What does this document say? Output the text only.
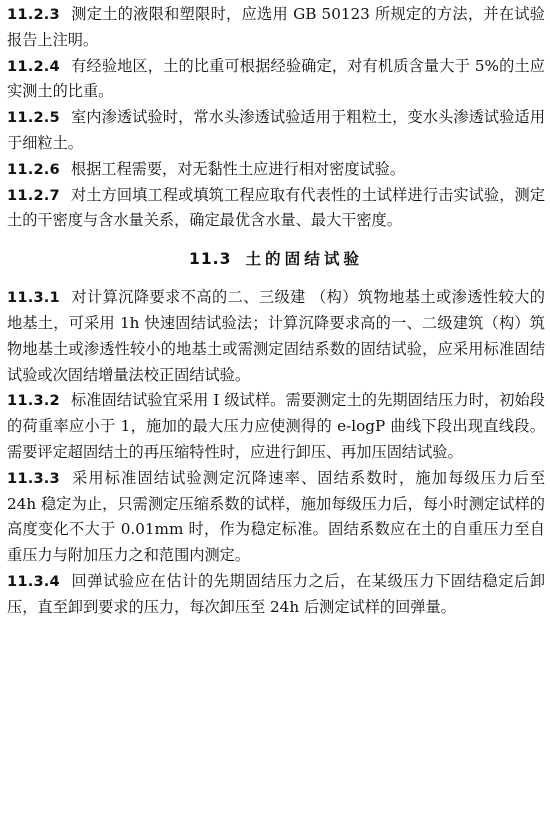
11.2.3 测定土的液限和塑限时，应选用 GB 50123 所规定的方法，并在试验报告上注明。

11.2.4 有经验地区，土的比重可根据经验确定，对有机质含量大于 5%的土应实测土的比重。

11.2.5 室内渗透试验时，常水头渗透试验适用于粗粒土，变水头渗透试验适用于细粒土。

11.2.6 根据工程需要，对无黏性土应进行相对密度试验。

11.2.7 对土方回填工程或填筑工程应取有代表性的土试样进行击实试验，测定土的干密度与含水量关系，确定最优含水量、最大干密度。

11.3 土的固结试验

11.3.1 对计算沉降要求不高的二、三级建 （构）筑物地基土或渗透性较大的地基土，可采用 1h 快速固结试验法；计算沉降要求高的一、二级建筑（构）筑物地基土或渗透性较小的地基土或需测定固结系数的固结试验，应采用标准固结试验或次固结增量法校正固结试验。

11.3.2 标准固结试验宜采用 Ⅰ 级试样。需要测定土的先期固结压力时，初始段的荷重率应小于 1，施加的最大压力应使测得的 e-logP 曲线下段出现直线段。需要评定超固结土的再压缩特性时，应进行卸压、再加压固结试验。

11.3.3 采用标准固结试验测定沉降速率、固结系数时，施加每级压力后至 24h 稳定为止，只需测定压缩系数的试样，施加每级压力后，每小时测定试样的高度变化不大于 0.01mm 时，作为稳定标准。固结系数应在土的自重压力至自重压力与附加压力之和范围内测定。

11.3.4 回弹试验应在估计的先期固结压力之后，在某级压力下固结稳定后卸压，直至卸到要求的压力，每次卸压至 24h 后测定试样的回弹量。
